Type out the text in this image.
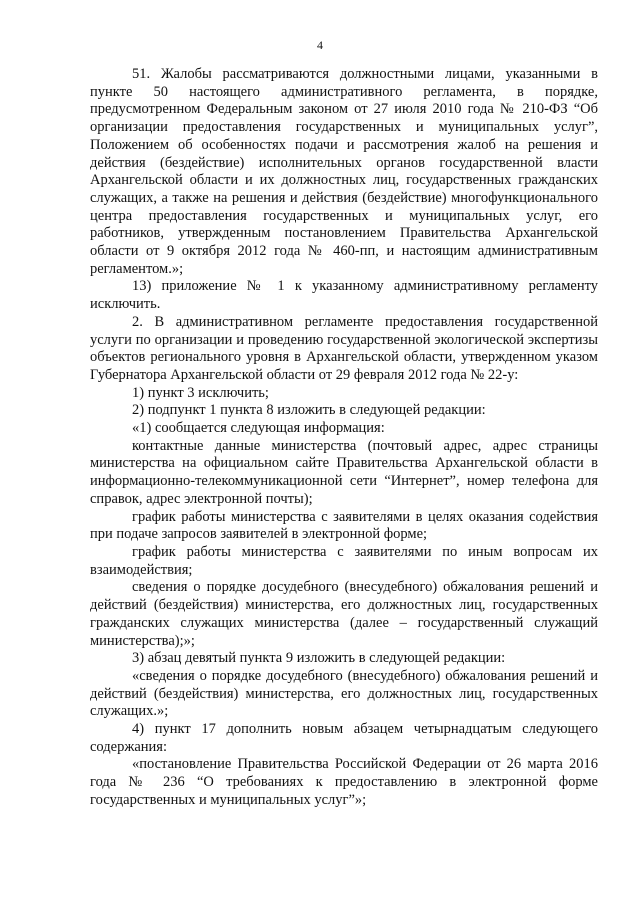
4

51. Жалобы рассматриваются должностными лицами, указанными в пункте 50 настоящего административного регламента, в порядке, предусмотренном Федеральным законом от 27 июля 2010 года № 210-ФЗ “Об организации предоставления государственных и муниципальных услуг”, Положением об особенностях подачи и рассмотрения жалоб на решения и действия (бездействие) исполнительных органов государственной власти Архангельской области и их должностных лиц, государственных гражданских служащих, а также на решения и действия (бездействие) многофункционального центра предоставления государственных и муниципальных услуг, его работников, утвержденным постановлением Правительства Архангельской области от 9 октября 2012 года № 460-пп, и настоящим административным регламентом.»;

13) приложение № 1 к указанному административному регламенту исключить.

2. В административном регламенте предоставления государственной услуги по организации и проведению государственной экологической экспертизы объектов регионального уровня в Архангельской области, утвержденном указом Губернатора Архангельской области от 29 февраля 2012 года № 22-у:

1) пункт 3 исключить;

2) подпункт 1 пункта 8 изложить в следующей редакции:

«1) сообщается следующая информация:

контактные данные министерства (почтовый адрес, адрес страницы министерства на официальном сайте Правительства Архангельской области в информационно-телекоммуникационной сети “Интернет”, номер телефона для справок, адрес электронной почты);

график работы министерства с заявителями в целях оказания содействия при подаче запросов заявителей в электронной форме;

график работы министерства с заявителями по иным вопросам их взаимодействия;

сведения о порядке досудебного (внесудебного) обжалования решений и действий (бездействия) министерства, его должностных лиц, государственных гражданских служащих министерства (далее – государственный служащий министерства);»;

3) абзац девятый пункта 9 изложить в следующей редакции:

«сведения о порядке досудебного (внесудебного) обжалования решений и действий (бездействия) министерства, его должностных лиц, государственных служащих.»;

4) пункт 17 дополнить новым абзацем четырнадцатым следующего содержания:

«постановление Правительства Российской Федерации от 26 марта 2016 года № 236 “О требованиях к предоставлению в электронной форме государственных и муниципальных услуг”»;
